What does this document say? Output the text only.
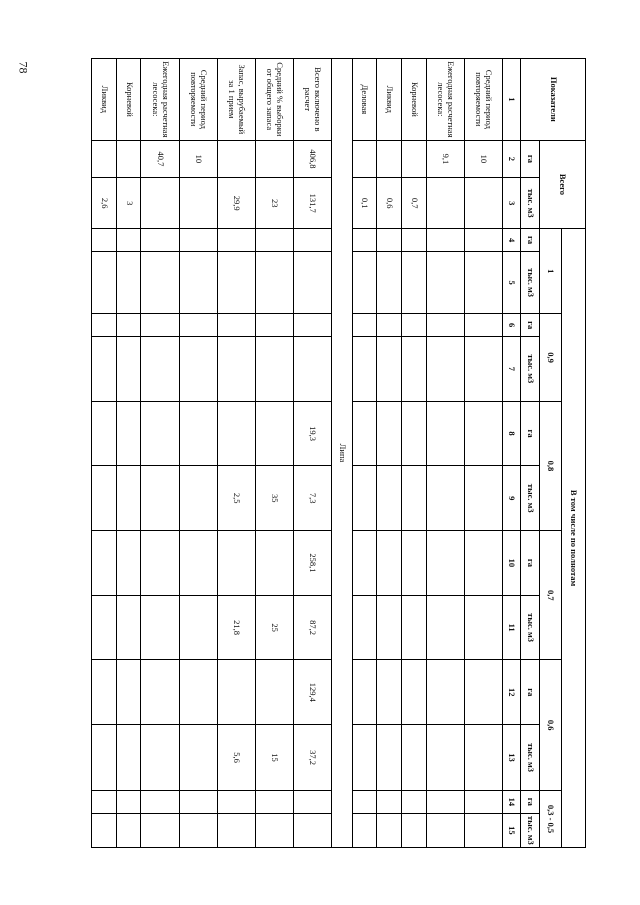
78
Показатели	Всего		В том числе по полнотам											
			1		0,9		0,8		0,7		0,6		0,3 - 0,5	
	га	тыс. м3	га	тыс. м3	га	тыс. м3	га	тыс. м3	га	тыс. м3	га	тыс. м3	га	тыс. м3
1	2	3	4	5	6	7	8	9	10	11	12	13	14	15
Средний период повторяемости	10													
Ежегодная расчетная лесосека:	9,1													
Корневой		0,7												
Ликвид		0,6												
Деловая		0,1												
Липа														
Всего включено в расчет	406,8	131,7					19,3	7,3	258,1	87,2	129,4	37,2		
Средний % выборки от общего запаса		23						35		25		15		
Запас, вырубаемый за 1 прием		29,9						2,5		21,8		5,6		
Средний период повторяемости	10													
Ежегодная расчетная лесосека:	40,7													
Корневой		3												
Ликвид		2,6												
